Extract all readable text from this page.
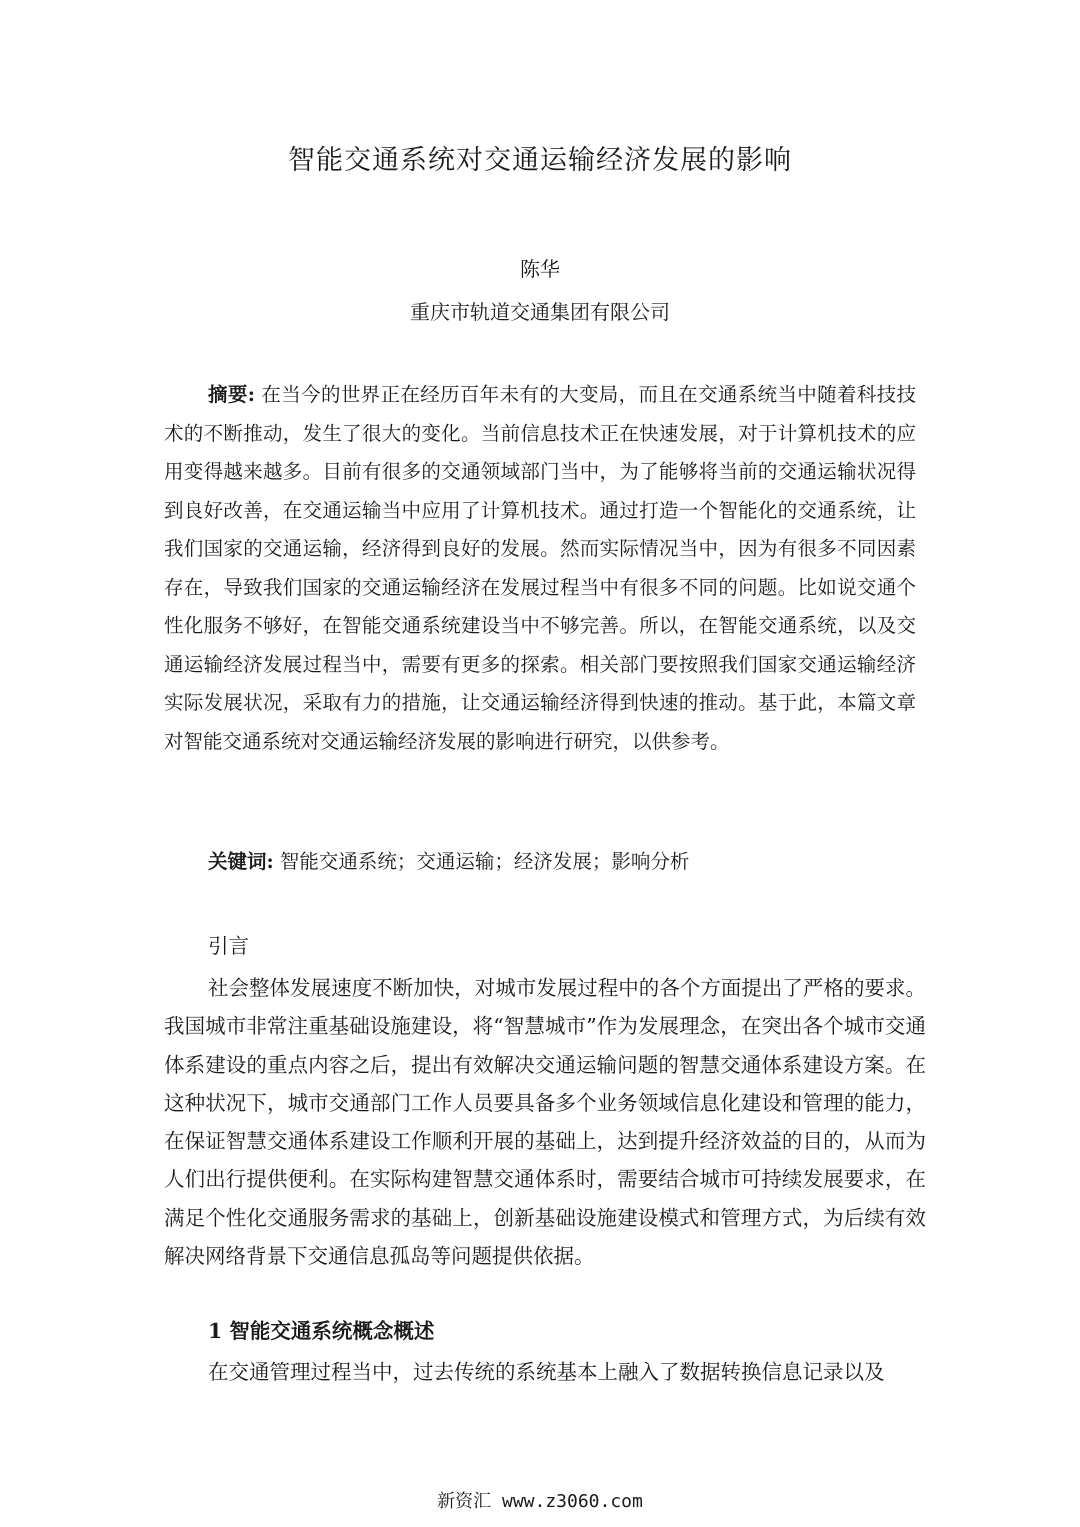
智能交通系统对交通运输经济发展的影响

陈华

重庆市轨道交通集团有限公司

摘要: 在当今的世界正在经历百年未有的大变局，而且在交通系统当中随着科技技术的不断推动，发生了很大的变化。当前信息技术正在快速发展，对于计算机技术的应用变得越来越多。目前有很多的交通领域部门当中，为了能够将当前的交通运输状况得到良好改善，在交通运输当中应用了计算机技术。通过打造一个智能化的交通系统，让我们国家的交通运输，经济得到良好的发展。然而实际情况当中，因为有很多不同因素存在，导致我们国家的交通运输经济在发展过程当中有很多不同的问题。比如说交通个性化服务不够好，在智能交通系统建设当中不够完善。所以，在智能交通系统，以及交通运输经济发展过程当中，需要有更多的探索。相关部门要按照我们国家交通运输经济实际发展状况，采取有力的措施，让交通运输经济得到快速的推动。基于此，本篇文章对智能交通系统对交通运输经济发展的影响进行研究，以供参考。

关键词: 智能交通系统；交通运输；经济发展；影响分析

引言

社会整体发展速度不断加快，对城市发展过程中的各个方面提出了严格的要求。我国城市非常注重基础设施建设，将“智慧城市”作为发展理念，在突出各个城市交通体系建设的重点内容之后，提出有效解决交通运输问题的智慧交通体系建设方案。在这种状况下，城市交通部门工作人员要具备多个业务领域信息化建设和管理的能力，在保证智慧交通体系建设工作顺利开展的基础上，达到提升经济效益的目的，从而为人们出行提供便利。在实际构建智慧交通体系时，需要结合城市可持续发展要求，在满足个性化交通服务需求的基础上，创新基础设施建设模式和管理方式，为后续有效解决网络背景下交通信息孤岛等问题提供依据。

1 智能交通系统概念概述

在交通管理过程当中，过去传统的系统基本上融入了数据转换信息记录以及

新资汇 www.z3060.com
